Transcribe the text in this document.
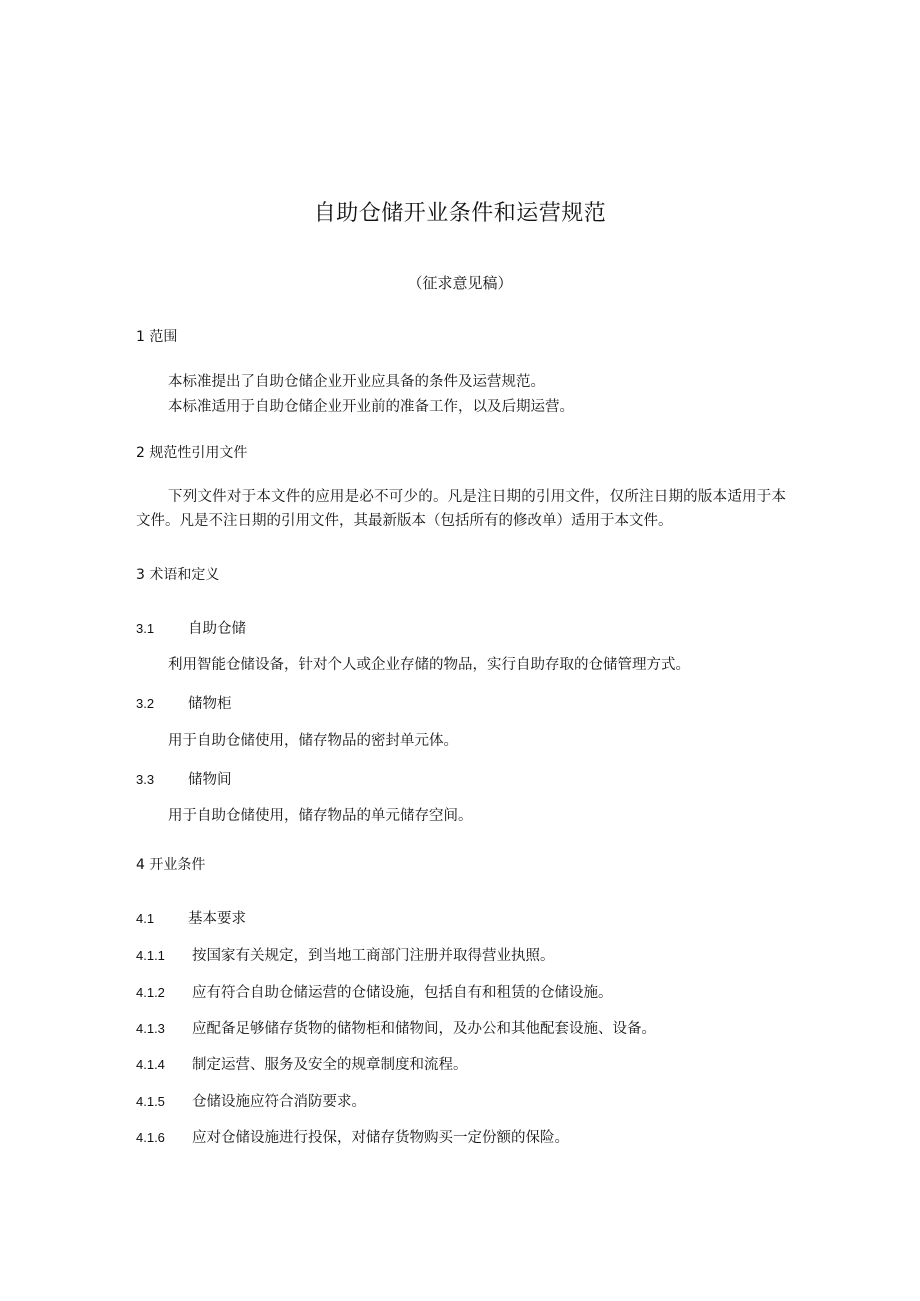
自助仓储开业条件和运营规范
（征求意见稿）
1 范围
本标准提出了自助仓储企业开业应具备的条件及运营规范。
本标准适用于自助仓储企业开业前的准备工作，以及后期运营。
2 规范性引用文件
下列文件对于本文件的应用是必不可少的。凡是注日期的引用文件，仅所注日期的版本适用于本文件。凡是不注日期的引用文件，其最新版本（包括所有的修改单）适用于本文件。
3 术语和定义
3.1 自助仓储
利用智能仓储设备，针对个人或企业存储的物品，实行自助存取的仓储管理方式。
3.2 储物柜
用于自助仓储使用，储存物品的密封单元体。
3.3 储物间
用于自助仓储使用，储存物品的单元储存空间。
4 开业条件
4.1 基本要求
4.1.1 按国家有关规定，到当地工商部门注册并取得营业执照。
4.1.2 应有符合自助仓储运营的仓储设施，包括自有和租赁的仓储设施。
4.1.3 应配备足够储存货物的储物柜和储物间，及办公和其他配套设施、设备。
4.1.4 制定运营、服务及安全的规章制度和流程。
4.1.5 仓储设施应符合消防要求。
4.1.6 应对仓储设施进行投保，对储存货物购买一定份额的保险。
